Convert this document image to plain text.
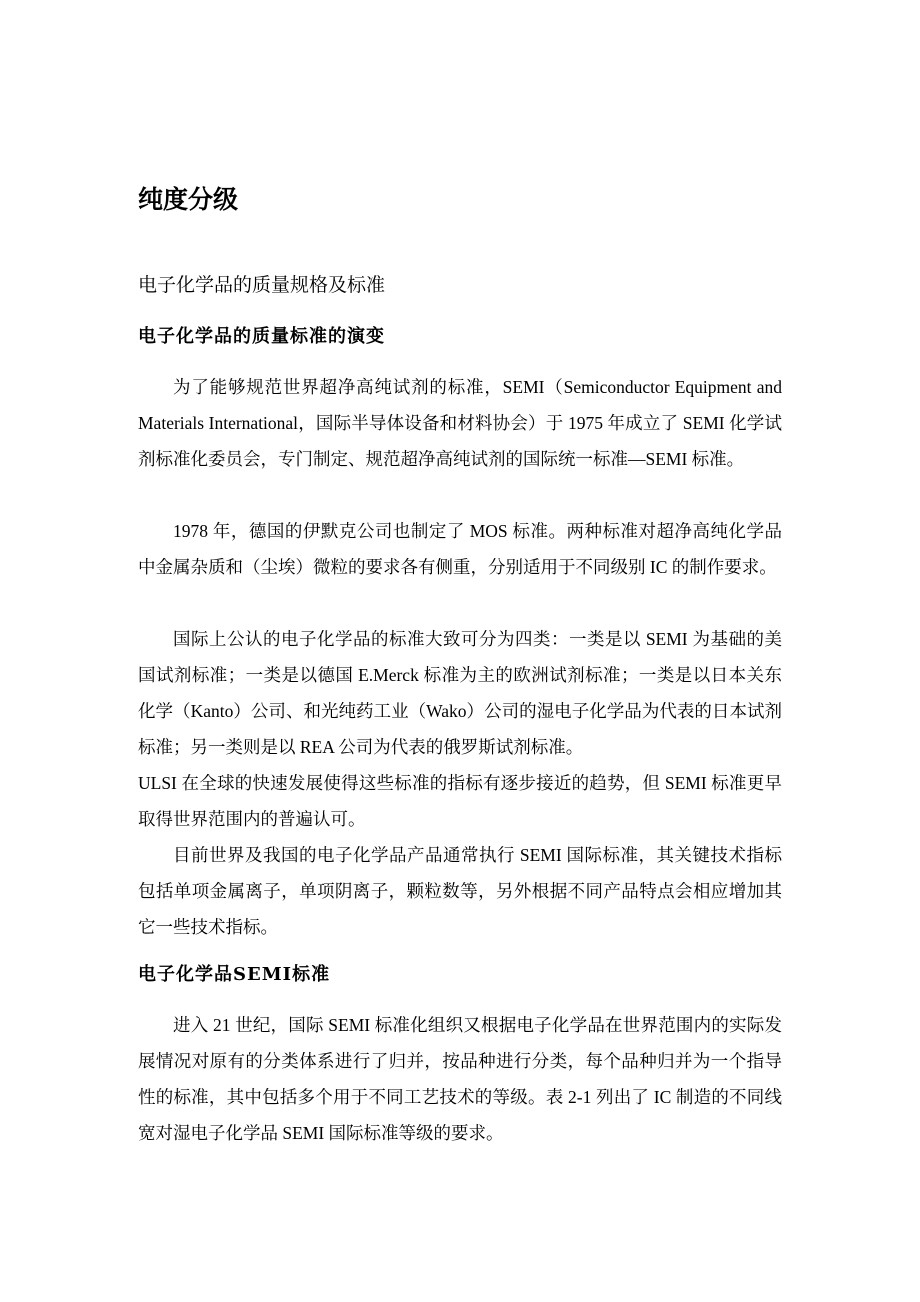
纯度分级
电子化学品的质量规格及标准
电子化学品的质量标准的演变

为了能够规范世界超净高纯试剂的标准，SEMI（Semiconductor Equipment and Materials International，国际半导体设备和材料协会）于 1975 年成立了 SEMI 化学试剂标准化委员会，专门制定、规范超净高纯试剂的国际统一标准—SEMI 标准。

1978 年，德国的伊默克公司也制定了 MOS 标准。两种标准对超净高纯化学品中金属杂质和（尘埃）微粒的要求各有侧重，分别适用于不同级别 IC 的制作要求。

国际上公认的电子化学品的标准大致可分为四类：一类是以 SEMI 为基础的美国试剂标准；一类是以德国 E.Merck 标准为主的欧洲试剂标准；一类是以日本关东化学（Kanto）公司、和光纯药工业（Wako）公司的湿电子化学品为代表的日本试剂标准；另一类则是以 REA 公司为代表的俄罗斯试剂标准。

ULSI 在全球的快速发展使得这些标准的指标有逐步接近的趋势，但 SEMI 标准更早取得世界范围内的普遍认可。

目前世界及我国的电子化学品产品通常执行 SEMI 国际标准，其关键技术指标包括单项金属离子，单项阴离子，颗粒数等，另外根据不同产品特点会相应增加其它一些技术指标。

电子化学品SEMI标准

进入 21 世纪，国际 SEMI 标准化组织又根据电子化学品在世界范围内的实际发展情况对原有的分类体系进行了归并，按品种进行分类，每个品种归并为一个指导性的标准，其中包括多个用于不同工艺技术的等级。表 2-1 列出了 IC 制造的不同线宽对湿电子化学品 SEMI 国际标准等级的要求。
